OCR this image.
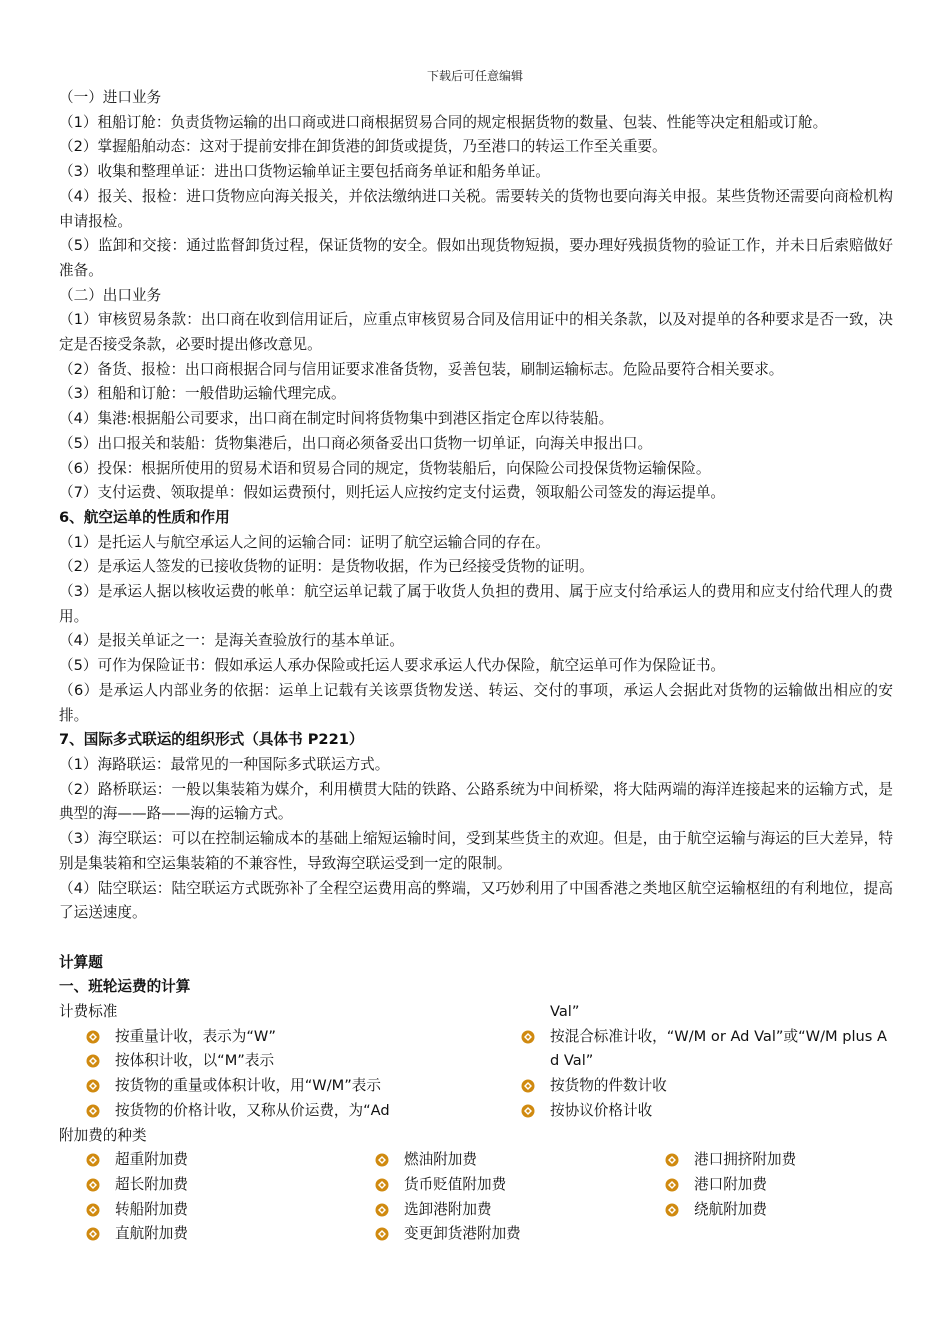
下载后可任意编辑

（一）进口业务

（1）租船订舱：负责货物运输的出口商或进口商根据贸易合同的规定根据货物的数量、包装、性能等决定租船或订舱。

（2）掌握船舶动态：这对于提前安排在卸货港的卸货或提货，乃至港口的转运工作至关重要。

（3）收集和整理单证：进出口货物运输单证主要包括商务单证和船务单证。

（4）报关、报检：进口货物应向海关报关，并依法缴纳进口关税。需要转关的货物也要向海关申报。某些货物还需要向商检机构申请报检。

（5）监卸和交接：通过监督卸货过程，保证货物的安全。假如出现货物短损，要办理好残损货物的验证工作，并未日后索赔做好准备。

（二）出口业务

（1）审核贸易条款：出口商在收到信用证后，应重点审核贸易合同及信用证中的相关条款，以及对提单的各种要求是否一致，决定是否接受条款，必要时提出修改意见。

（2）备货、报检：出口商根据合同与信用证要求准备货物，妥善包装，刷制运输标志。危险品要符合相关要求。

（3）租船和订舱：一般借助运输代理完成。

（4）集港:根据船公司要求，出口商在制定时间将货物集中到港区指定仓库以待装船。

（5）出口报关和装船：货物集港后，出口商必须备妥出口货物一切单证，向海关申报出口。

（6）投保：根据所使用的贸易术语和贸易合同的规定，货物装船后，向保险公司投保货物运输保险。

（7）支付运费、领取提单：假如运费预付，则托运人应按约定支付运费，领取船公司签发的海运提单。

6、航空运单的性质和作用

（1）是托运人与航空承运人之间的运输合同：证明了航空运输合同的存在。

（2）是承运人签发的已接收货物的证明：是货物收据，作为已经接受货物的证明。

（3）是承运人据以核收运费的帐单：航空运单记载了属于收货人负担的费用、属于应支付给承运人的费用和应支付给代理人的费用。

（4）是报关单证之一：是海关查验放行的基本单证。

（5）可作为保险证书：假如承运人承办保险或托运人要求承运人代办保险，航空运单可作为保险证书。

（6）是承运人内部业务的依据：运单上记载有关该票货物发送、转运、交付的事项，承运人会据此对货物的运输做出相应的安排。

7、国际多式联运的组织形式（具体书 P221）

（1）海路联运：最常见的一种国际多式联运方式。

（2）路桥联运：一般以集装箱为媒介，利用横贯大陆的铁路、公路系统为中间桥梁，将大陆两端的海洋连接起来的运输方式，是典型的海——路——海的运输方式。

（3）海空联运：可以在控制运输成本的基础上缩短运输时间，受到某些货主的欢迎。但是，由于航空运输与海运的巨大差异，特别是集装箱和空运集装箱的不兼容性，导致海空联运受到一定的限制。

（4）陆空联运：陆空联运方式既弥补了全程空运费用高的弊端，又巧妙利用了中国香港之类地区航空运输枢纽的有利地位，提高了运送速度。

计算题

一、班轮运费的计算

计费标准

按重量计收，表示为“W”
按体积计收，以“M”表示
按货物的重量或体积计收，用“W/M”表示
按货物的价格计收，又称从价运费，为“Ad
Val”
按混合标准计收，“W/M or Ad Val”或“W/M plus Ad Val”
按货物的件数计收
按协议价格计收

附加费的种类

超重附加费
超长附加费
转船附加费
直航附加费
燃油附加费
货币贬值附加费
选卸港附加费
变更卸货港附加费
港口拥挤附加费
港口附加费
绕航附加费
